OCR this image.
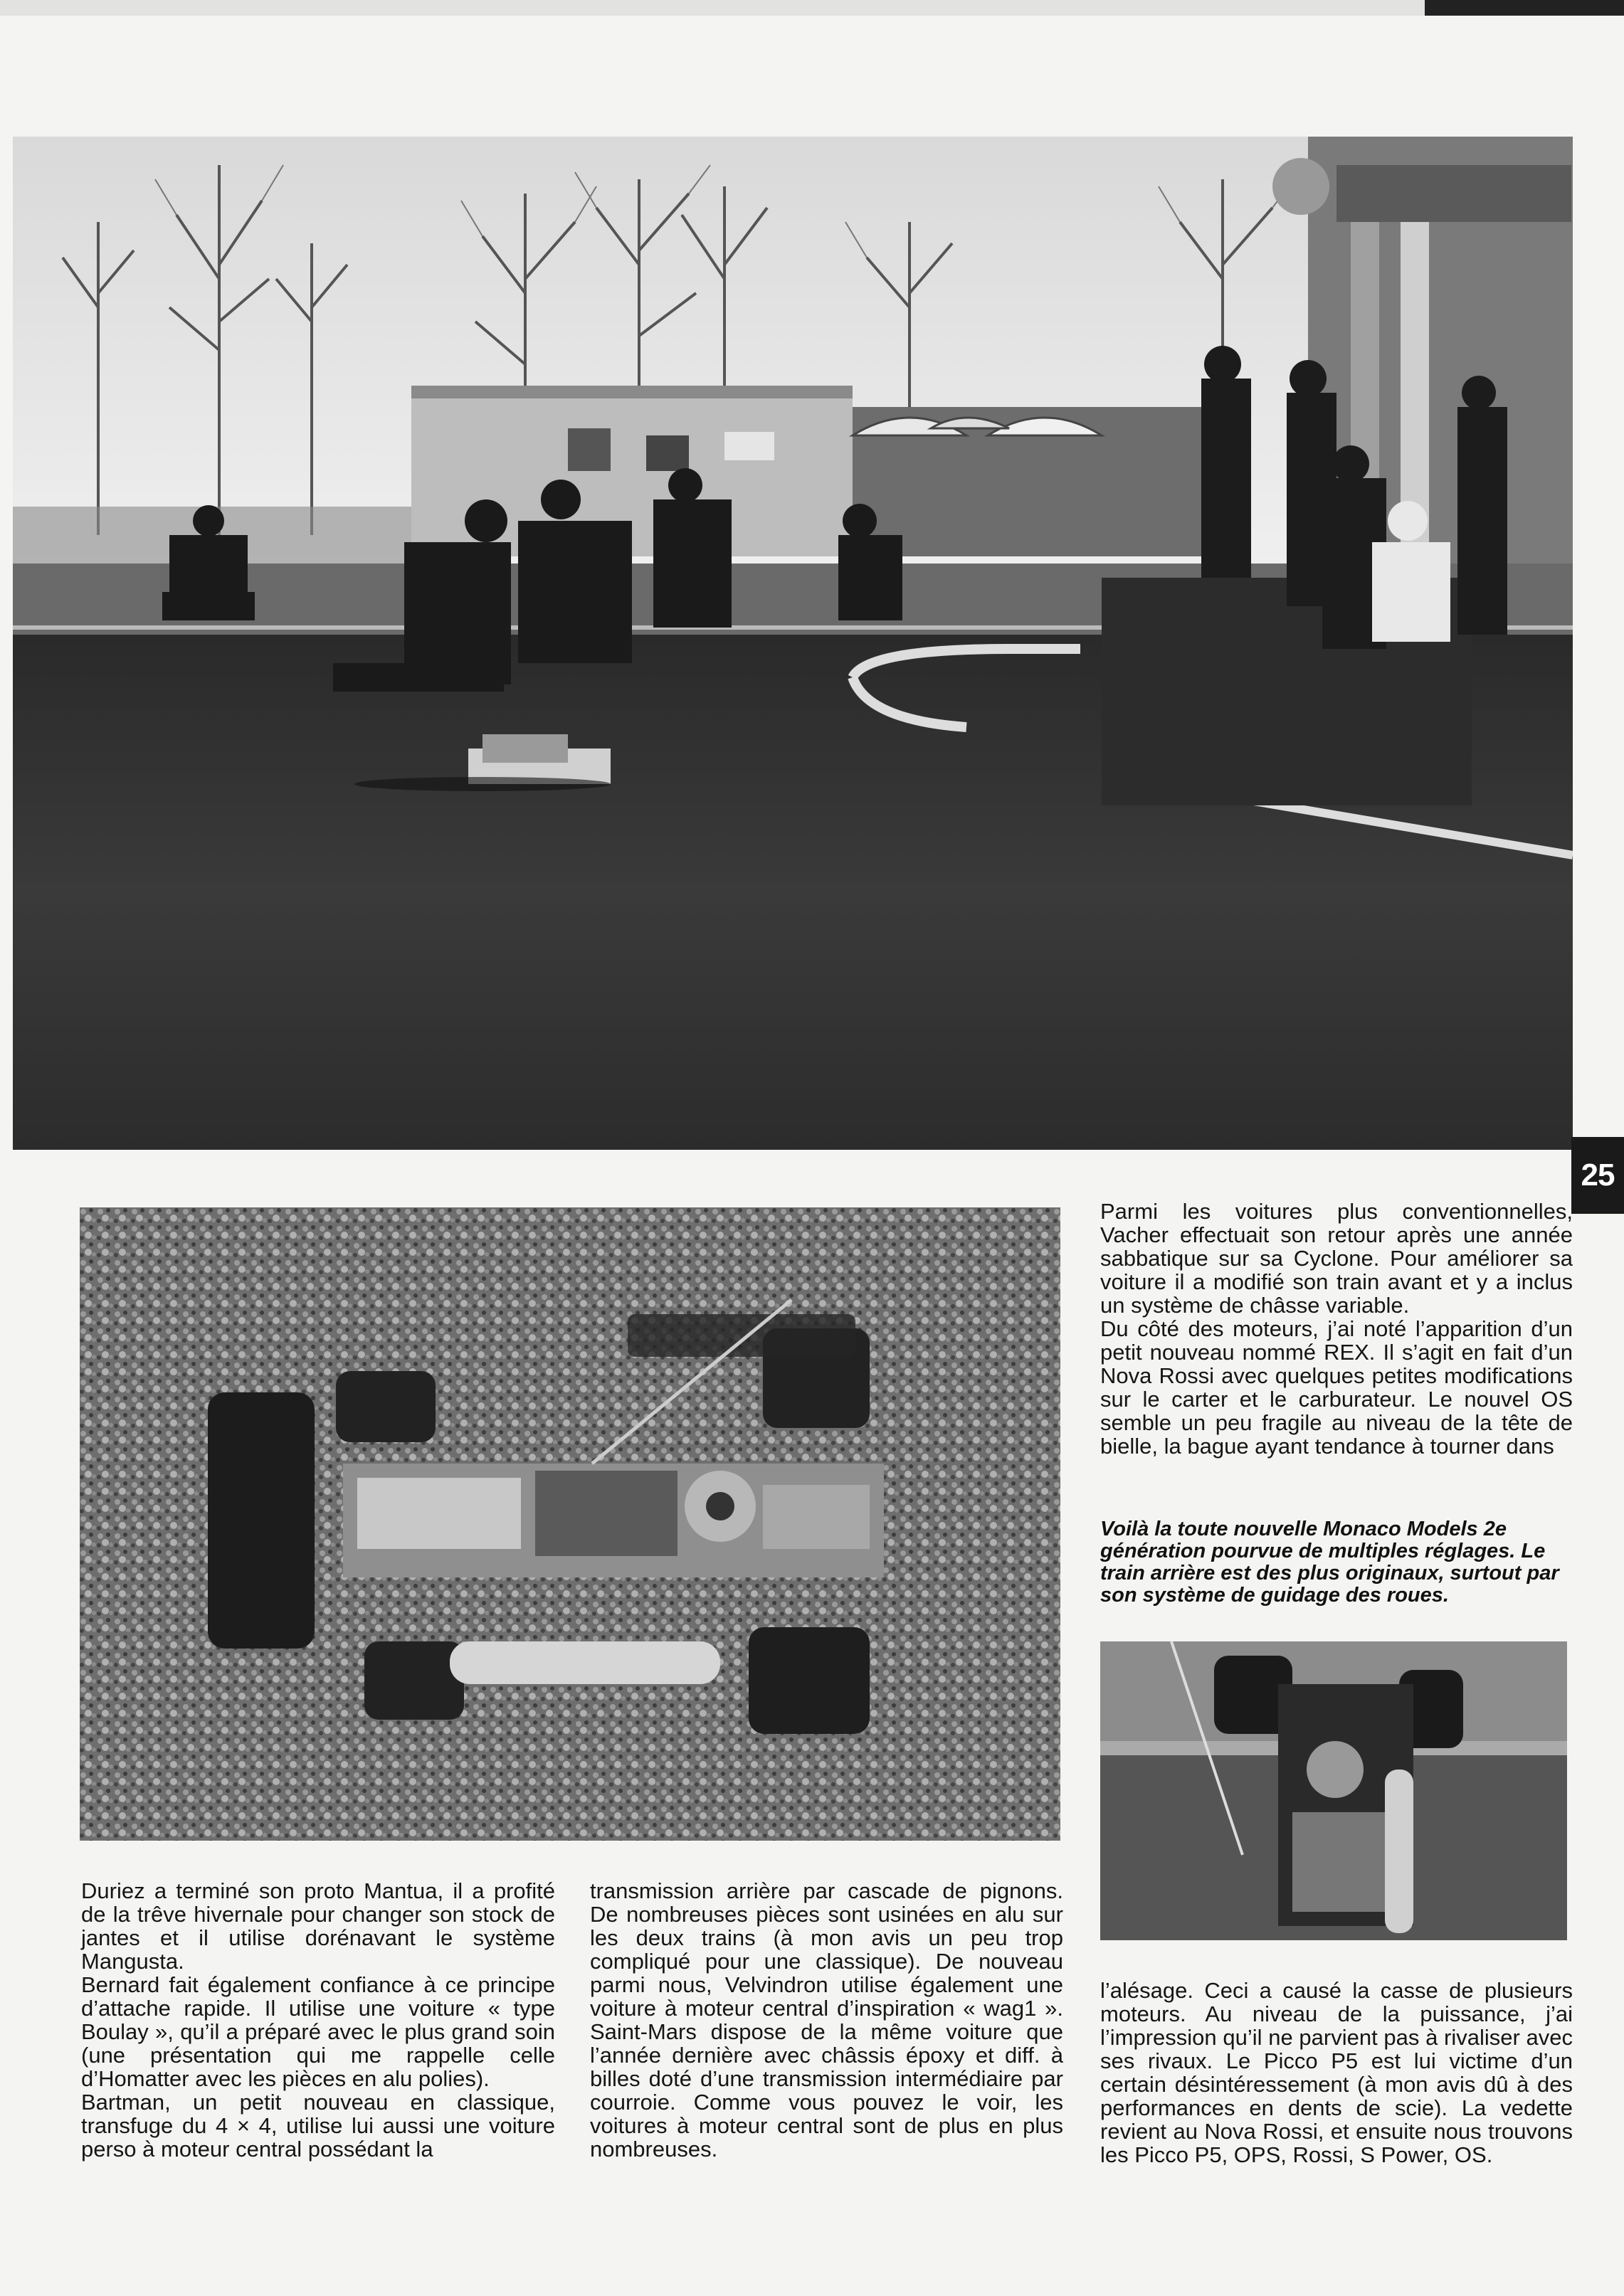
25

Parmi les voitures plus conventionnelles, Vacher effectuait son retour après une année sabbatique sur sa Cyclone. Pour améliorer sa voiture il a modifié son train avant et y a inclus un système de châsse variable.

Du côté des moteurs, j’ai noté l’apparition d’un petit nouveau nommé REX. Il s’agit en fait d’un Nova Rossi avec quelques petites modifications sur le carter et le carburateur. Le nouvel OS semble un peu fragile au niveau de la tête de bielle, la bague ayant tendance à tourner dans

Voilà la toute nouvelle Monaco Models 2e génération pourvue de multiples réglages. Le train arrière est des plus originaux, surtout par son système de guidage des roues.

Duriez a terminé son proto Mantua, il a profité de la trêve hivernale pour changer son stock de jantes et il utilise dorénavant le système Mangusta.

Bernard fait également confiance à ce principe d’attache rapide. Il utilise une voiture « type Boulay », qu’il a préparé avec le plus grand soin (une présentation qui me rappelle celle d’Homatter avec les pièces en alu polies).

Bartman, un petit nouveau en classique, transfuge du 4 × 4, utilise lui aussi une voiture perso à moteur central possédant la

transmission arrière par cascade de pignons. De nombreuses pièces sont usinées en alu sur les deux trains (à mon avis un peu trop compliqué pour une classique). De nouveau parmi nous, Velvindron utilise également une voiture à moteur central d’inspiration « wag1 ». Saint-Mars dispose de la même voiture que l’année dernière avec châssis époxy et diff. à billes doté d’une transmission intermédiaire par courroie. Comme vous pouvez le voir, les voitures à moteur central sont de plus en plus nombreuses.

l’alésage. Ceci a causé la casse de plusieurs moteurs. Au niveau de la puissance, j’ai l’impression qu’il ne parvient pas à rivaliser avec ses rivaux. Le Picco P5 est lui victime d’un certain désintéressement (à mon avis dû à des performances en dents de scie). La vedette revient au Nova Rossi, et ensuite nous trouvons les Picco P5, OPS, Rossi, S Power, OS.
